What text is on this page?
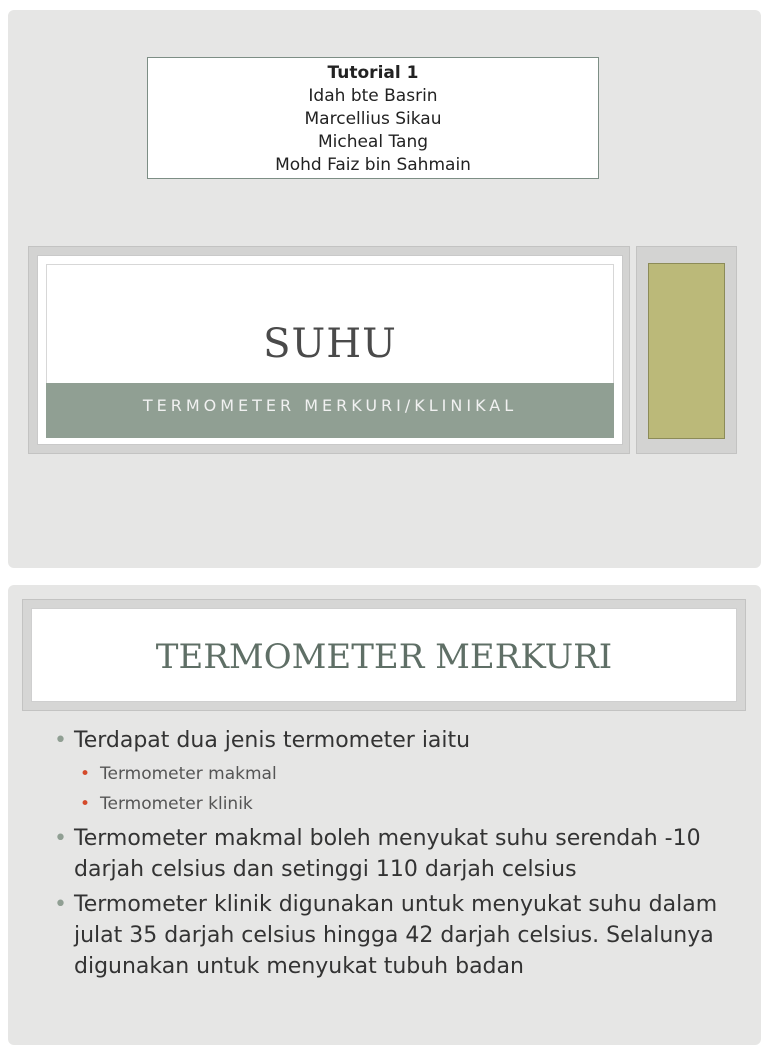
Tutorial 1
Idah bte Basrin
Marcellius Sikau
Micheal Tang
Mohd Faiz bin Sahmain
SUHU
TERMOMETER MERKURI/KLINIKAL
TERMOMETER MERKURI
• Terdapat dua jenis termometer iaitu
• Termometer makmal
• Termometer klinik
• Termometer makmal boleh menyukat suhu serendah -10 darjah celsius dan setinggi 110 darjah celsius
• Termometer klinik digunakan untuk menyukat suhu dalam julat 35 darjah celsius hingga 42 darjah celsius. Selalunya digunakan untuk menyukat tubuh badan
